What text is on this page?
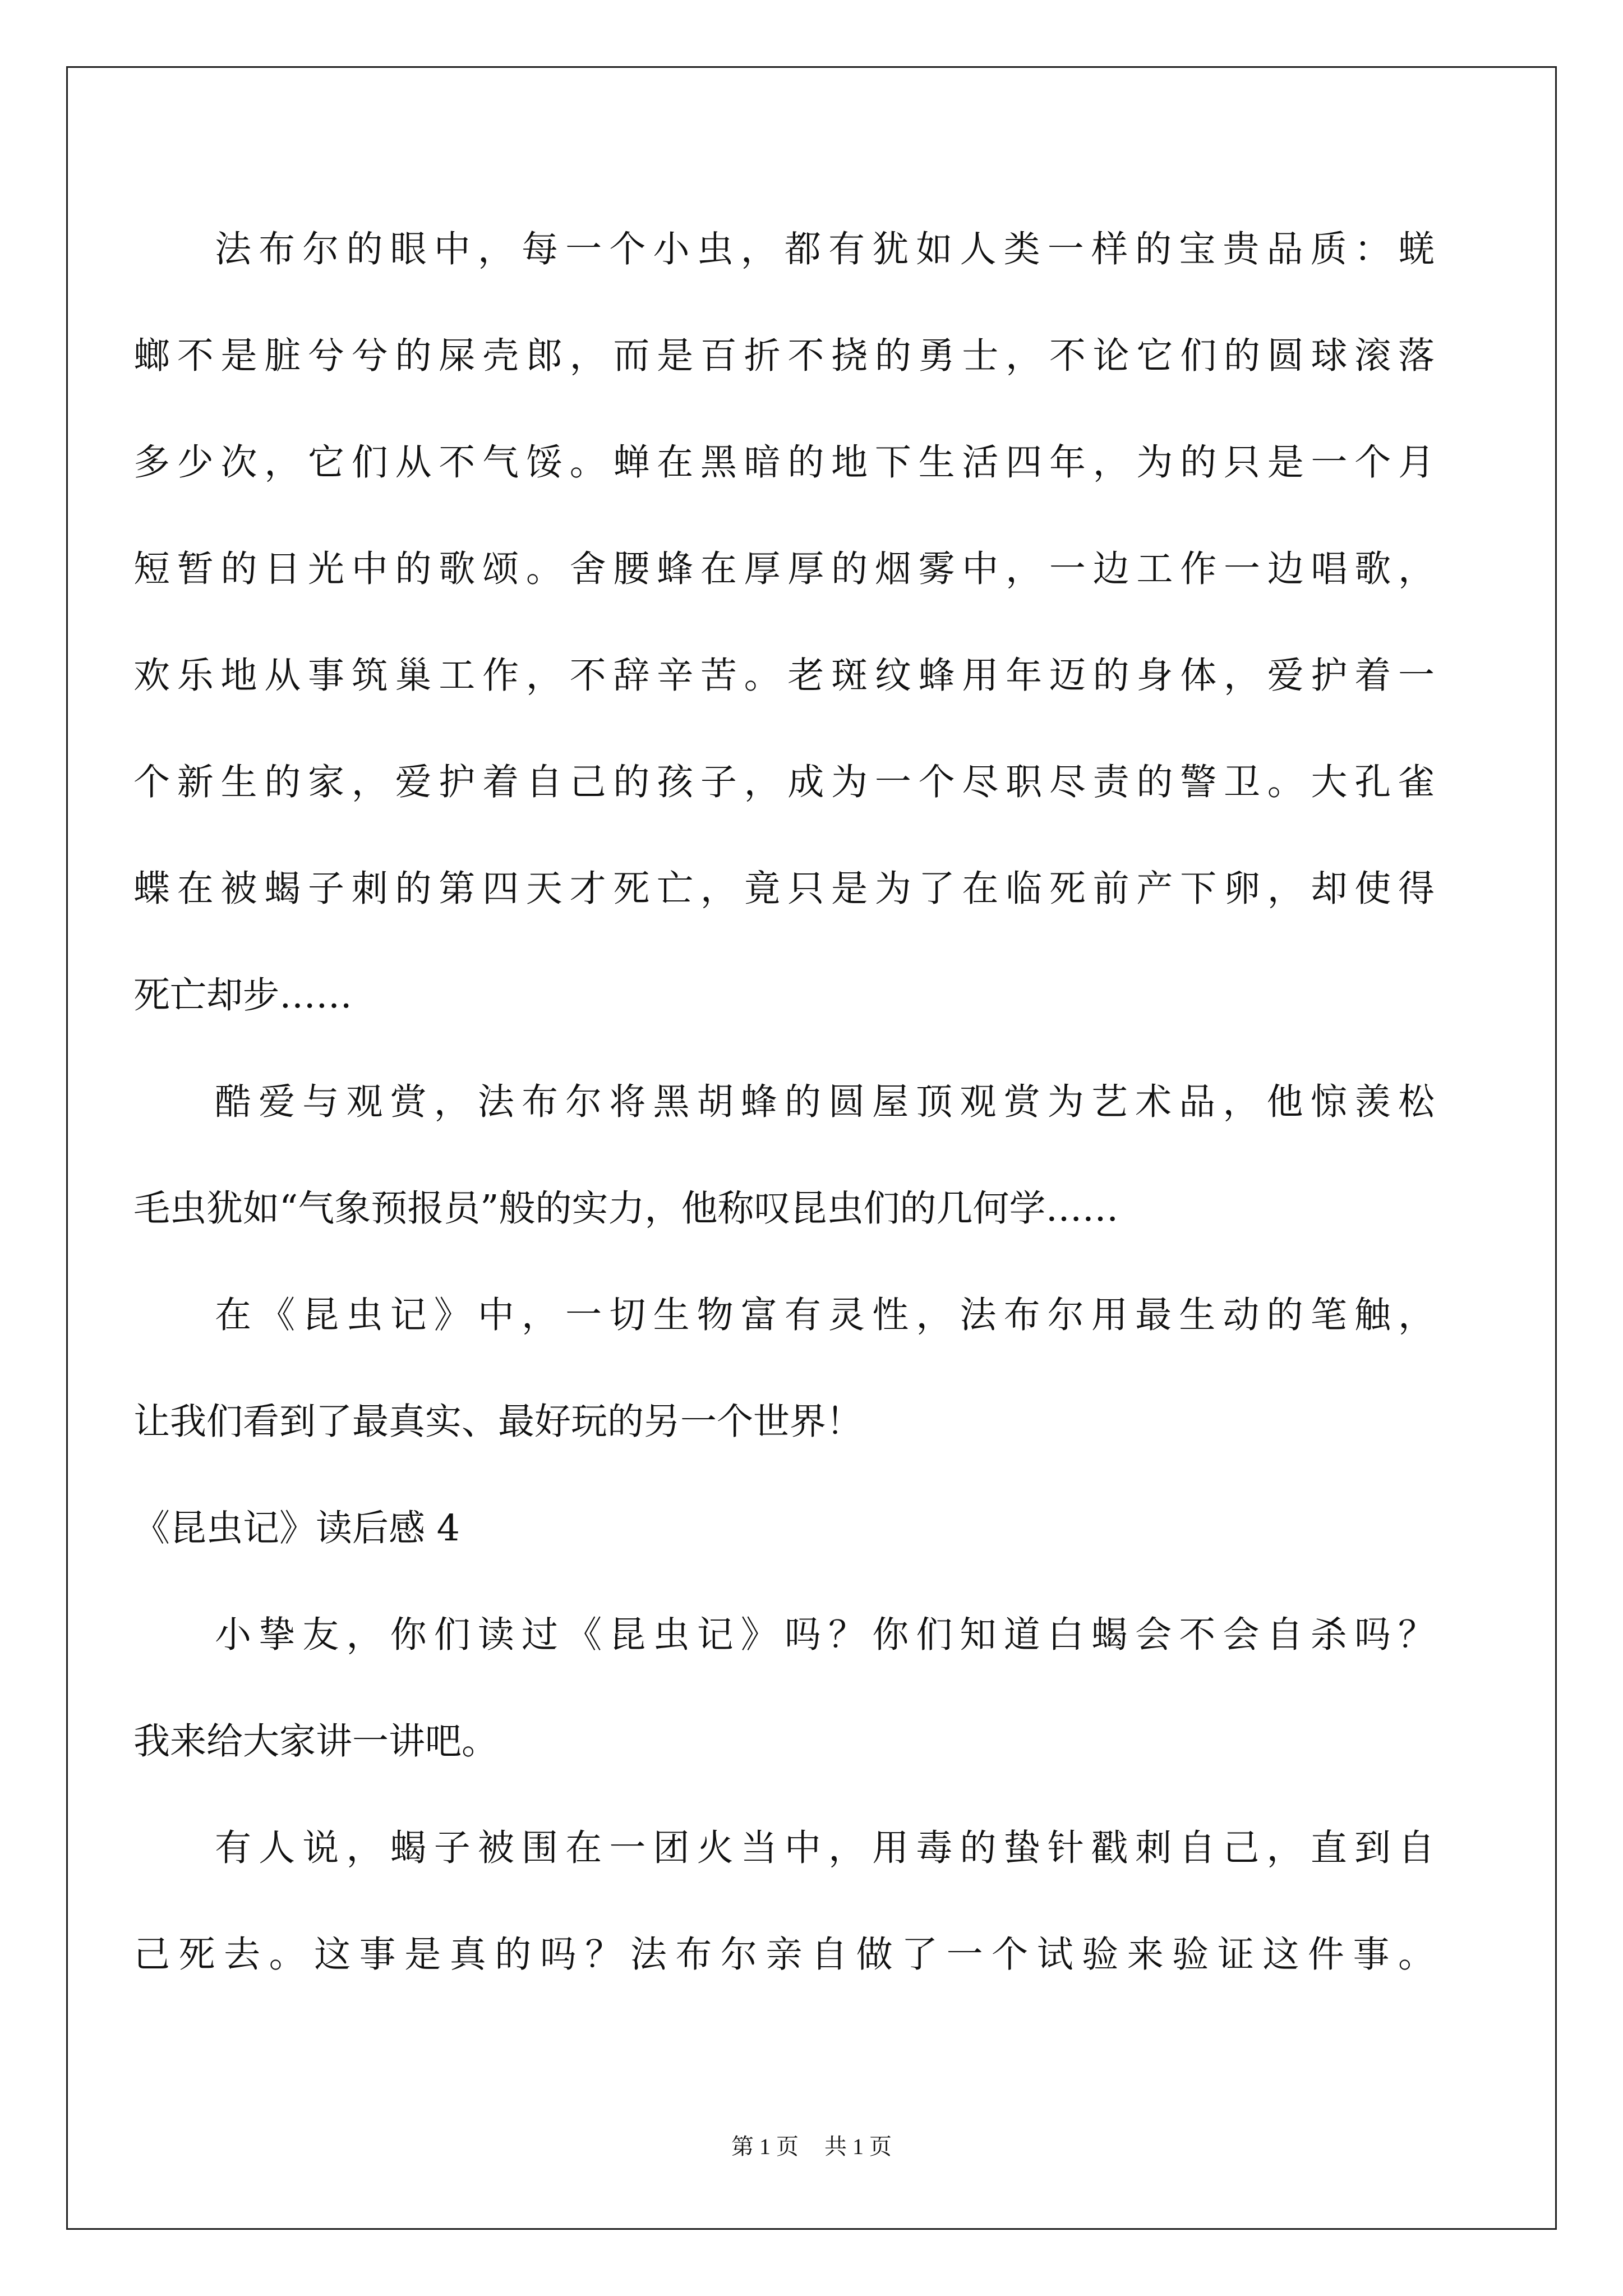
法布尔的眼中，每一个小虫，都有犹如人类一样的宝贵品质：蜣
螂不是脏兮兮的屎壳郎，而是百折不挠的勇士，不论它们的圆球滚落
多少次，它们从不气馁。蝉在黑暗的地下生活四年，为的只是一个月
短暂的日光中的歌颂。舍腰蜂在厚厚的烟雾中，一边工作一边唱歌，
欢乐地从事筑巢工作，不辞辛苦。老斑纹蜂用年迈的身体，爱护着一
个新生的家，爱护着自己的孩子，成为一个尽职尽责的警卫。大孔雀
蝶在被蝎子刺的第四天才死亡，竟只是为了在临死前产下卵，却使得
死亡却步……
酷爱与观赏，法布尔将黑胡蜂的圆屋顶观赏为艺术品，他惊羡松
毛虫犹如“气象预报员”般的实力，他称叹昆虫们的几何学……
在《昆虫记》中，一切生物富有灵性，法布尔用最生动的笔触，
让我们看到了最真实、最好玩的另一个世界！
《昆虫记》读后感 4
小挚友，你们读过《昆虫记》吗？你们知道白蝎会不会自杀吗？
我来给大家讲一讲吧。
有人说，蝎子被围在一团火当中，用毒的蛰针戳刺自己，直到自
己死去。这事是真的吗？法布尔亲自做了一个试验来验证这件事。
第 1 页 共 1 页
